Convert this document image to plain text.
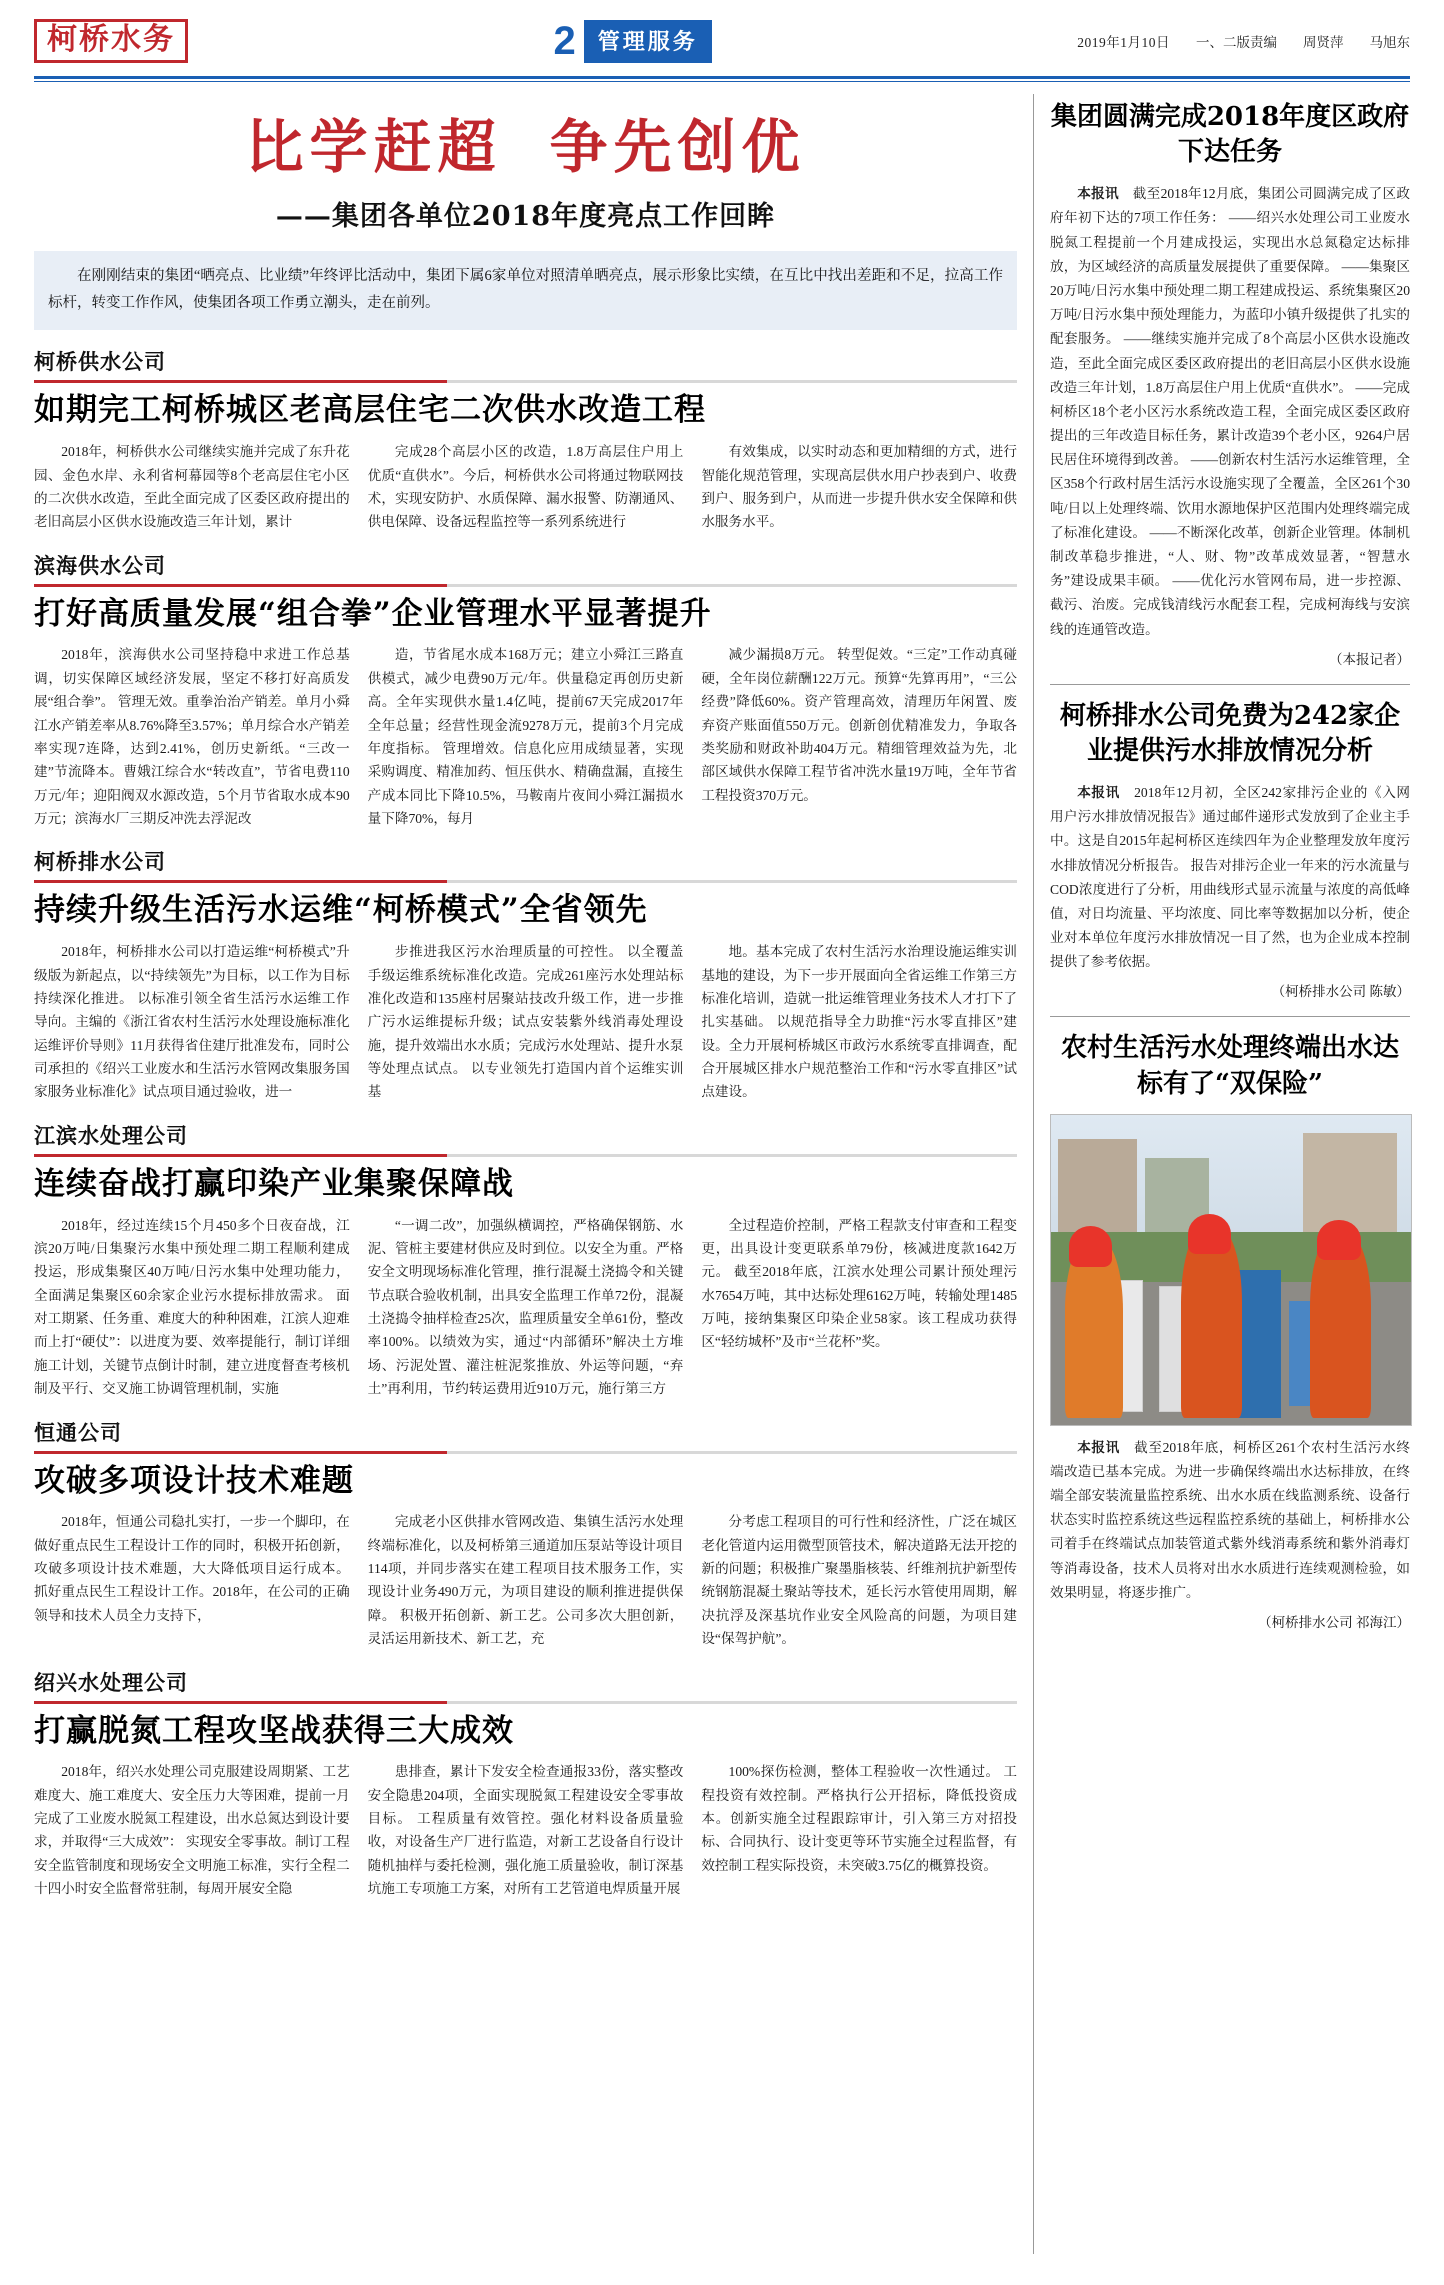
柯桥水务	2	管理服务	2019年1月10日 一、二版责编 周贤萍 马旭东
比学赶超 争先创优
——集团各单位2018年度亮点工作回眸
在刚刚结束的集团“晒亮点、比业绩”年终评比活动中，集团下属6家单位对照清单晒亮点，展示形象比实绩，在互比中找出差距和不足，拉高工作标杆，转变工作作风，使集团各项工作勇立潮头，走在前列。
柯桥供水公司
如期完工柯桥城区老高层住宅二次供水改造工程

2018年，柯桥供水公司继续实施并完成了东升花园、金色水岸、永利省柯幕园等8个老高层住宅小区的二次供水改造，至此全面完成了区委区政府提出的老旧高层小区供水设施改造三年计划，累计

完成28个高层小区的改造，1.8万高层住户用上优质“直供水”。今后，柯桥供水公司将通过物联网技术，实现安防护、水质保障、漏水报警、防潮通风、供电保障、设备远程监控等一系列系统进行

有效集成，以实时动态和更加精细的方式，进行智能化规范管理，实现高层供水用户抄表到户、收费到户、服务到户，从而进一步提升供水安全保障和供水服务水平。

滨海供水公司
打好高质量发展“组合拳”企业管理水平显著提升

2018年，滨海供水公司坚持稳中求进工作总基调，切实保障区域经济发展，坚定不移打好高质发展“组合拳”。 管理无效。重拳治治产销差。单月小舜江水产销差率从8.76%降至3.57%；单月综合水产销差率实现7连降，达到2.41%，创历史新纸。“三改一建”节流降本。曹娥江综合水“转改直”，节省电费110万元/年；迎阳阀双水源改造，5个月节省取水成本90万元；滨海水厂三期反冲洗去浮泥改

造，节省尾水成本168万元；建立小舜江三路直供模式，减少电费90万元/年。供量稳定再创历史新高。全年实现供水量1.4亿吨，提前67天完成2017年全年总量；经营性现金流9278万元，提前3个月完成年度指标。 管理增效。信息化应用成绩显著，实现采购调度、精准加药、恒压供水、精确盘漏，直接生产成本同比下降10.5%，马鞍南片夜间小舜江漏损水量下降70%，每月

减少漏损8万元。 转型促效。“三定”工作动真碰硬，全年岗位薪酬122万元。预算“先算再用”，“三公经费”降低60%。资产管理高效，清理历年闲置、废弃资产账面值550万元。创新创优精准发力，争取各类奖励和财政补助404万元。精细管理效益为先，北部区域供水保障工程节省冲洗水量19万吨，全年节省工程投资370万元。

柯桥排水公司
持续升级生活污水运维“柯桥模式”全省领先

2018年，柯桥排水公司以打造运维“柯桥模式”升级版为新起点，以“持续领先”为目标，以工作为目标持续深化推进。 以标准引领全省生活污水运维工作导向。主编的《浙江省农村生活污水处理设施标准化运维评价导则》11月获得省住建厅批准发布，同时公司承担的《绍兴工业废水和生活污水管网改集服务国家服务业标准化》试点项目通过验收，进一

步推进我区污水治理质量的可控性。 以全覆盖手级运维系统标准化改造。完成261座污水处理站标准化改造和135座村居聚站技改升级工作，进一步推广污水运维提标升级；试点安装紫外线消毒处理设施，提升效端出水水质；完成污水处理站、提升水泵等处理点试点。 以专业领先打造国内首个运维实训基

地。基本完成了农村生活污水治理设施运维实训基地的建设，为下一步开展面向全省运维工作第三方标准化培训，造就一批运维管理业务技术人才打下了扎实基础。 以规范指导全力助推“污水零直排区”建设。全力开展柯桥城区市政污水系统零直排调查，配合开展城区排水户规范整治工作和“污水零直排区”试点建设。

江滨水处理公司
连续奋战打赢印染产业集聚保障战

2018年，经过连续15个月450多个日夜奋战，江滨20万吨/日集聚污水集中预处理二期工程顺利建成投运，形成集聚区40万吨/日污水集中处理功能力，全面满足集聚区60余家企业污水提标排放需求。 面对工期紧、任务重、难度大的种种困难，江滨人迎难而上打“硬仗”：以进度为要、效率提能行，制订详细施工计划，关键节点倒计时制，建立进度督查考核机制及平行、交叉施工协调管理机制，实施

“一调二改”，加强纵横调控，严格确保钢筋、水泥、管桩主要建材供应及时到位。以安全为重。严格安全文明现场标准化管理，推行混凝土浇捣令和关键节点联合验收机制，出具安全监理工作单72份，混凝土浇捣令抽样检查25次，监理质量安全单61份，整改率100%。以绩效为实，通过“内部循环”解决土方堆场、污泥处置、灌注桩泥浆推放、外运等问题，“弃土”再利用，节约转运费用近910万元，施行第三方

全过程造价控制，严格工程款支付审查和工程变更，出具设计变更联系单79份，核减进度款1642万元。 截至2018年底，江滨水处理公司累计预处理污水7654万吨，其中达标处理6162万吨，转输处理1485万吨，接纳集聚区印染企业58家。该工程成功获得区“轻纺城杯”及市“兰花杯”奖。

恒通公司
攻破多项设计技术难题

2018年，恒通公司稳扎实打，一步一个脚印，在做好重点民生工程设计工作的同时，积极开拓创新，攻破多项设计技术难题，大大降低项目运行成本。 抓好重点民生工程设计工作。2018年，在公司的正确领导和技术人员全力支持下，

完成老小区供排水管网改造、集镇生活污水处理终端标准化，以及柯桥第三通道加压泵站等设计项目114项，并同步落实在建工程项目技术服务工作，实现设计业务490万元，为项目建设的顺利推进提供保障。 积极开拓创新、新工艺。公司多次大胆创新，灵活运用新技术、新工艺，充

分考虑工程项目的可行性和经济性，广泛在城区老化管道内运用微型顶管技术，解决道路无法开挖的新的问题；积极推广聚墨脂核装、纤维剂抗护新型传统钢筋混凝土聚站等技术，延长污水管使用周期，解决抗浮及深基坑作业安全风险高的问题，为项目建设“保驾护航”。

绍兴水处理公司
打赢脱氮工程攻坚战获得三大成效

2018年，绍兴水处理公司克服建设周期紧、工艺难度大、施工难度大、安全压力大等困难，提前一月完成了工业废水脱氮工程建设，出水总氮达到设计要求，并取得“三大成效”： 实现安全零事故。制订工程安全监管制度和现场安全文明施工标准，实行全程二十四小时安全监督常驻制，每周开展安全隐

患排查，累计下发安全检查通报33份，落实整改安全隐患204项，全面实现脱氮工程建设安全零事故目标。 工程质量有效管控。强化材料设备质量验收，对设备生产厂进行监造，对新工艺设备自行设计随机抽样与委托检测，强化施工质量验收，制订深基坑施工专项施工方案，对所有工艺管道电焊质量开展

100%探伤检测，整体工程验收一次性通过。 工程投资有效控制。严格执行公开招标，降低投资成本。创新实施全过程跟踪审计，引入第三方对招投标、合同执行、设计变更等环节实施全过程监督，有效控制工程实际投资，未突破3.75亿的概算投资。

集团圆满完成2018年度区政府下达任务

本报讯　 截至2018年12月底，集团公司圆满完成了区政府年初下达的7项工作任务： ——绍兴水处理公司工业废水脱氮工程提前一个月建成投运，实现出水总氮稳定达标排放，为区域经济的高质量发展提供了重要保障。 ——集聚区20万吨/日污水集中预处理二期工程建成投运、系统集聚区20万吨/日污水集中预处理能力，为蓝印小镇升级提供了扎实的配套服务。 ——继续实施并完成了8个高层小区供水设施改造，至此全面完成区委区政府提出的老旧高层小区供水设施改造三年计划，1.8万高层住户用上优质“直供水”。 ——完成柯桥区18个老小区污水系统改造工程，全面完成区委区政府提出的三年改造目标任务，累计改造39个老小区，9264户居民居住环境得到改善。 ——创新农村生活污水运维管理，全区358个行政村居生活污水设施实现了全覆盖，全区261个30吨/日以上处理终端、饮用水源地保护区范围内处理终端完成了标准化建设。 ——不断深化改革，创新企业管理。体制机制改革稳步推进，“人、财、物”改革成效显著，“智慧水务”建设成果丰硕。 ——优化污水管网布局，进一步控源、截污、治废。完成钱清线污水配套工程，完成柯海线与安滨线的连通管改造。

（本报记者）
柯桥排水公司免费为242家企业提供污水排放情况分析

本报讯　 2018年12月初，全区242家排污企业的《入网用户污水排放情况报告》通过邮件递形式发放到了企业主手中。这是自2015年起柯桥区连续四年为企业整理发放年度污水排放情况分析报告。 报告对排污企业一年来的污水流量与COD浓度进行了分析，用曲线形式显示流量与浓度的高低峰值，对日均流量、平均浓度、同比率等数据加以分析，使企业对本单位年度污水排放情况一目了然，也为企业成本控制提供了参考依据。

（柯桥排水公司 陈敏）
农村生活污水处理终端出水达标有了“双保险”

本报讯　 截至2018年底，柯桥区261个农村生活污水终端改造已基本完成。为进一步确保终端出水达标排放，在终端全部安装流量监控系统、出水水质在线监测系统、设备行状态实时监控系统这些远程监控系统的基础上，柯桥排水公司着手在终端试点加装管道式紫外线消毒系统和紫外消毒灯等消毒设备，技术人员将对出水水质进行连续观测检验，如效果明显，将逐步推广。

（柯桥排水公司 祁海江）
